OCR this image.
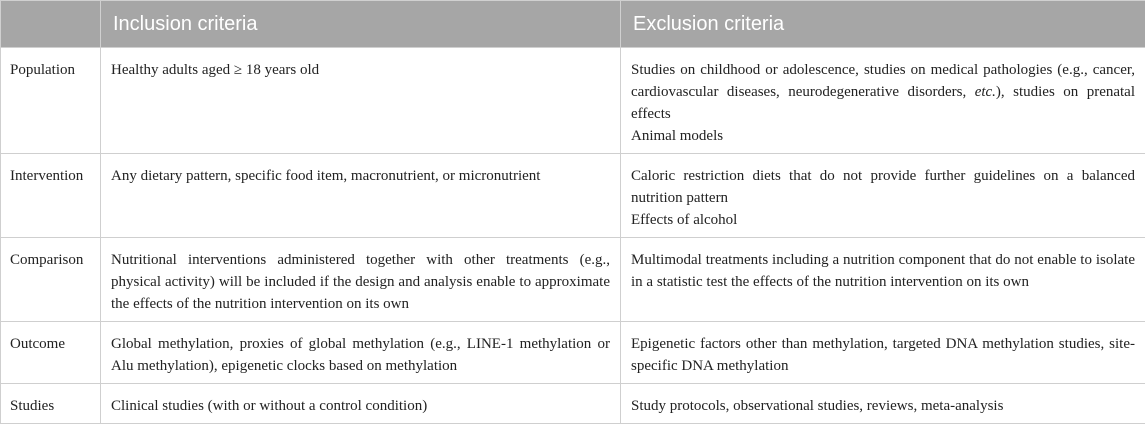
	Inclusion criteria	Exclusion criteria
Population	Healthy adults aged ≥ 18 years old	Studies on childhood or adolescence, studies on medical pathologies (e.g., cancer, cardiovascular diseases, neurodegenerative disorders, etc.), studies on prenatal effects
Animal models

Intervention	Any dietary pattern, specific food item, macronutrient, or micronutrient	Caloric restriction diets that do not provide further guidelines on a balanced nutrition pattern
Effects of alcohol

Comparison	Nutritional interventions administered together with other treatments (e.g., physical activity) will be included if the design and analysis enable to approximate the effects of the nutrition intervention on its own	Multimodal treatments including a nutrition component that do not enable to isolate in a statistic test the effects of the nutrition intervention on its own

Outcome	Global methylation, proxies of global methylation (e.g., LINE-1 methylation or Alu methylation), epigenetic clocks based on methylation	Epigenetic factors other than methylation, targeted DNA methylation studies, site-specific DNA methylation

Studies	Clinical studies (with or without a control condition)	Study protocols, observational studies, reviews, meta-analysis
